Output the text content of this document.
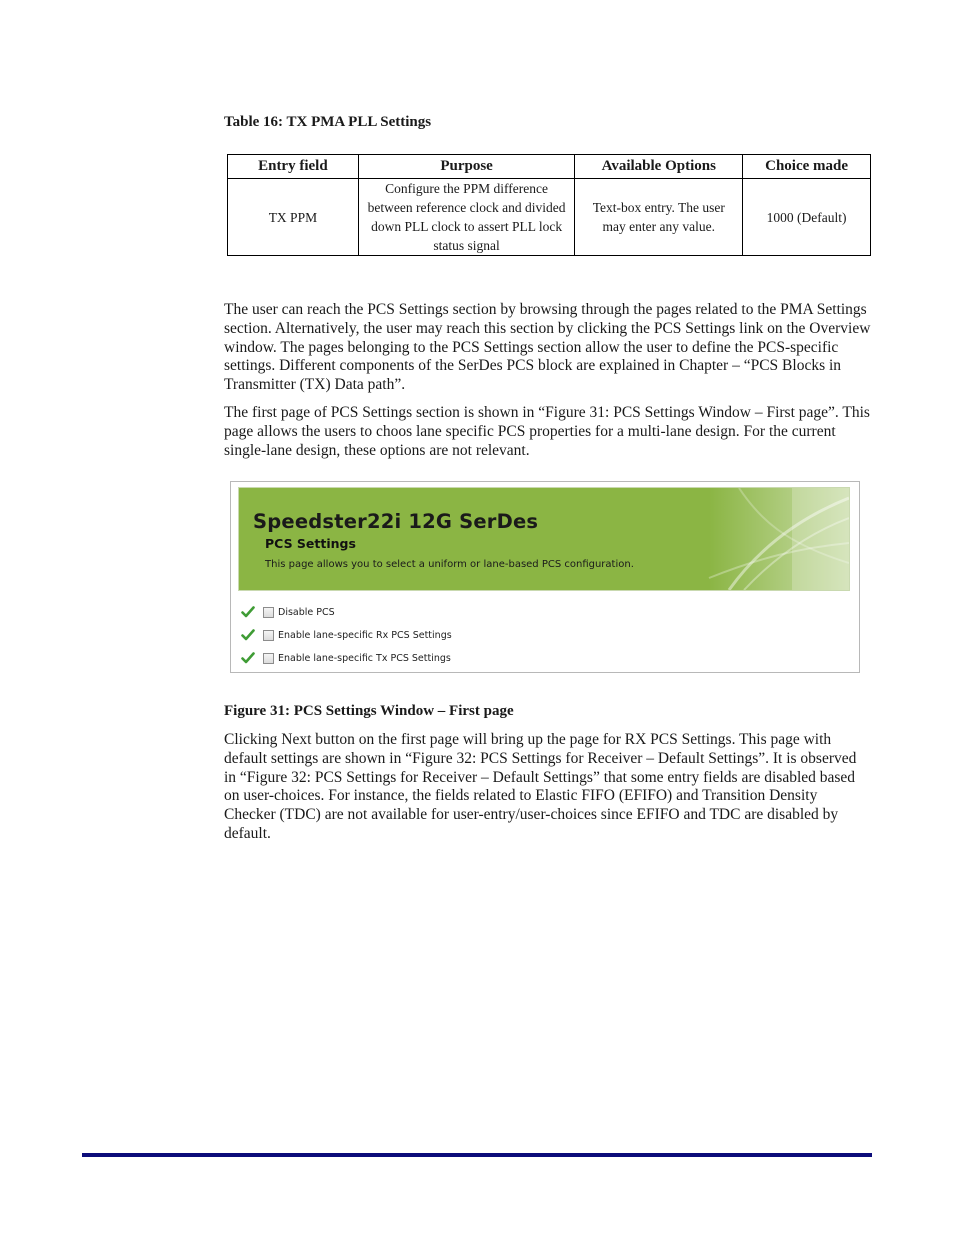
Table 16: TX PMA PLL Settings
Entry field	Purpose	Available Options	Choice made
TX PPM	Configure the PPM difference between reference clock and divided down PLL clock to assert PLL lock status signal	Text-box entry. The user may enter any value.	1000 (Default)

The user can reach the PCS Settings section by browsing through the pages related to the PMA Settings section. Alternatively, the user may reach this section by clicking the PCS Settings link on the Overview window. The pages belonging to the PCS Settings section allow the user to define the PCS-specific settings. Different components of the SerDes PCS block are explained in Chapter – “PCS Blocks in Transmitter (TX) Data path”.

The first page of PCS Settings section is shown in “Figure 31: PCS Settings Window – First page”. This page allows the users to choos lane specific PCS properties for a multi-lane design. For the current single-lane design, these options are not relevant.

Speedster22i 12G SerDes
PCS Settings
This page allows you to select a uniform or lane-based PCS configuration.
Disable PCS
Enable lane-specific Rx PCS Settings
Enable lane-specific Tx PCS Settings
Figure 31: PCS Settings Window – First page

Clicking Next button on the first page will bring up the page for RX PCS Settings. This page with default settings are shown in “Figure 32: PCS Settings for Receiver – Default Settings”. It is observed in “Figure 32: PCS Settings for Receiver – Default Settings” that some entry fields are disabled based on user-choices. For instance, the fields related to Elastic FIFO (EFIFO) and Transition Density Checker (TDC) are not available for user-entry/user-choices since EFIFO and TDC are disabled by default.
